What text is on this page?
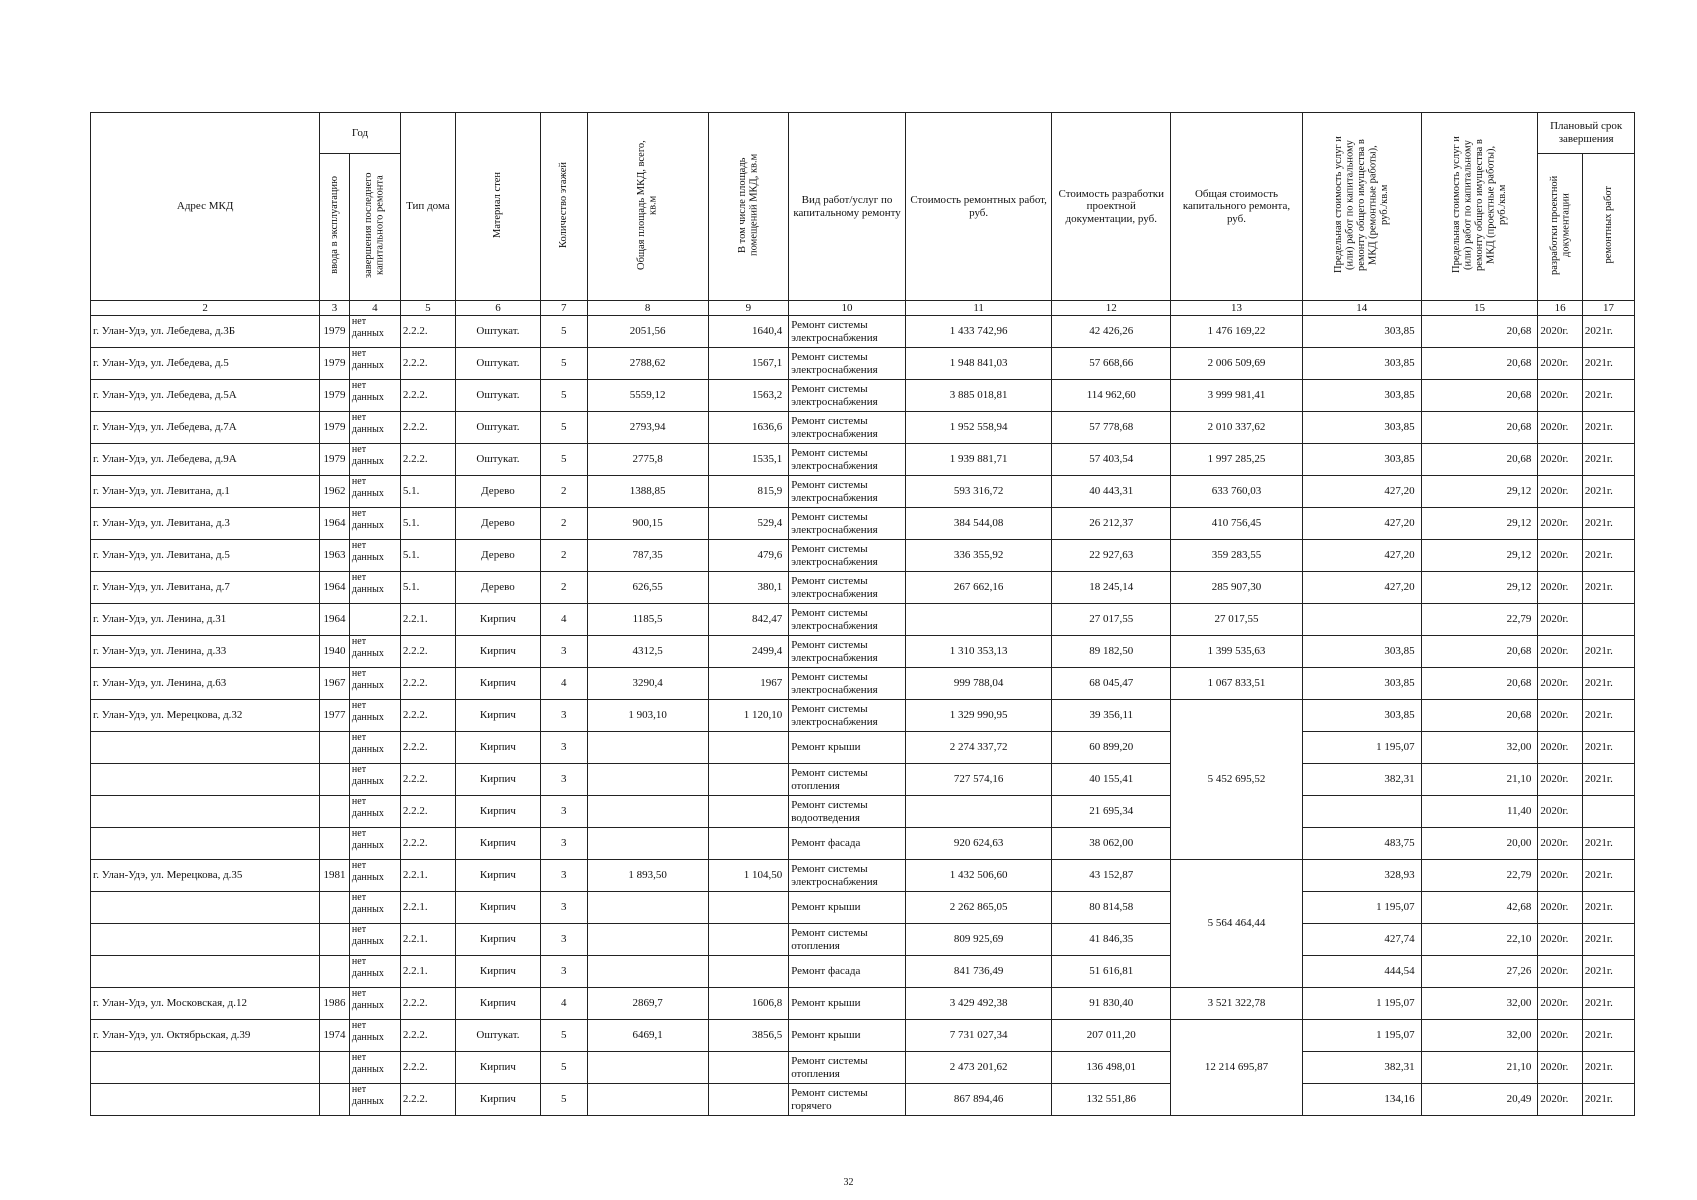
Адрес МКД	Год		Тип дома	Материал стен	Количество этажей	Общая площадь МКД, всего, кв.м	В том числе площадь помещений МКД, кв.м	Вид работ/услуг по капитальному ремонту	Стоимость ремонтных работ, руб.	Стоимость разработки проектной документации, руб.	Общая стоимость капитального ремонта, руб.	Предельная стоимость услуг и (или) работ по капитальному ремонту общего имущества в МКД (ремонтные работы), руб./кв.м	Предельная стоимость услуг и (или) работ по капитальному ремонту общего имущества в МКД (проектные работы), руб./кв.м	Плановый срок завершения	
	ввода в эксплуатацию	завершения последнего капитального ремонта												разработки проектной документации	ремонтных работ
2	3	4	5	6	7	8	9	10	11	12	13	14	15	16	17
г. Улан-Удэ, ул. Лебедева, д.3Б	1979	нет данных	2.2.2.	Оштукат.	5	2051,56	1640,4	Ремонт системы электроснабжения	1 433 742,96	42 426,26	1 476 169,22	303,85	20,68	2020г.	2021г.
г. Улан-Удэ, ул. Лебедева, д.5	1979	нет данных	2.2.2.	Оштукат.	5	2788,62	1567,1	Ремонт системы электроснабжения	1 948 841,03	57 668,66	2 006 509,69	303,85	20,68	2020г.	2021г.
г. Улан-Удэ, ул. Лебедева, д.5А	1979	нет данных	2.2.2.	Оштукат.	5	5559,12	1563,2	Ремонт системы электроснабжения	3 885 018,81	114 962,60	3 999 981,41	303,85	20,68	2020г.	2021г.
г. Улан-Удэ, ул. Лебедева, д.7А	1979	нет данных	2.2.2.	Оштукат.	5	2793,94	1636,6	Ремонт системы электроснабжения	1 952 558,94	57 778,68	2 010 337,62	303,85	20,68	2020г.	2021г.
г. Улан-Удэ, ул. Лебедева, д.9А	1979	нет данных	2.2.2.	Оштукат.	5	2775,8	1535,1	Ремонт системы электроснабжения	1 939 881,71	57 403,54	1 997 285,25	303,85	20,68	2020г.	2021г.
г. Улан-Удэ, ул. Левитана, д.1	1962	нет данных	5.1.	Дерево	2	1388,85	815,9	Ремонт системы электроснабжения	593 316,72	40 443,31	633 760,03	427,20	29,12	2020г.	2021г.
г. Улан-Удэ, ул. Левитана, д.3	1964	нет данных	5.1.	Дерево	2	900,15	529,4	Ремонт системы электроснабжения	384 544,08	26 212,37	410 756,45	427,20	29,12	2020г.	2021г.
г. Улан-Удэ, ул. Левитана, д.5	1963	нет данных	5.1.	Дерево	2	787,35	479,6	Ремонт системы электроснабжения	336 355,92	22 927,63	359 283,55	427,20	29,12	2020г.	2021г.
г. Улан-Удэ, ул. Левитана, д.7	1964	нет данных	5.1.	Дерево	2	626,55	380,1	Ремонт системы электроснабжения	267 662,16	18 245,14	285 907,30	427,20	29,12	2020г.	2021г.
г. Улан-Удэ, ул. Ленина, д.31	1964		2.2.1.	Кирпич	4	1185,5	842,47	Ремонт системы электроснабжения		27 017,55	27 017,55		22,79	2020г.	
г. Улан-Удэ, ул. Ленина, д.33	1940	нет данных	2.2.2.	Кирпич	3	4312,5	2499,4	Ремонт системы электроснабжения	1 310 353,13	89 182,50	1 399 535,63	303,85	20,68	2020г.	2021г.
г. Улан-Удэ, ул. Ленина, д.63	1967	нет данных	2.2.2.	Кирпич	4	3290,4	1967	Ремонт системы электроснабжения	999 788,04	68 045,47	1 067 833,51	303,85	20,68	2020г.	2021г.
г. Улан-Удэ, ул. Мерецкова, д.32	1977	нет данных	2.2.2.	Кирпич	3	1 903,10	1 120,10	Ремонт системы электроснабжения	1 329 990,95	39 356,11	5 452 695,52	303,85	20,68	2020г.	2021г.
		нет данных	2.2.2.	Кирпич	3			Ремонт крыши	2 274 337,72	60 899,20		1 195,07	32,00	2020г.	2021г.
		нет данных	2.2.2.	Кирпич	3			Ремонт системы отопления	727 574,16	40 155,41		382,31	21,10	2020г.	2021г.
		нет данных	2.2.2.	Кирпич	3			Ремонт системы водоотведения		21 695,34			11,40	2020г.	
		нет данных	2.2.2.	Кирпич	3			Ремонт фасада	920 624,63	38 062,00		483,75	20,00	2020г.	2021г.
г. Улан-Удэ, ул. Мерецкова, д.35	1981	нет данных	2.2.1.	Кирпич	3	1 893,50	1 104,50	Ремонт системы электроснабжения	1 432 506,60	43 152,87	5 564 464,44	328,93	22,79	2020г.	2021г.
		нет данных	2.2.1.	Кирпич	3			Ремонт крыши	2 262 865,05	80 814,58		1 195,07	42,68	2020г.	2021г.
		нет данных	2.2.1.	Кирпич	3			Ремонт системы отопления	809 925,69	41 846,35		427,74	22,10	2020г.	2021г.
		нет данных	2.2.1.	Кирпич	3			Ремонт фасада	841 736,49	51 616,81		444,54	27,26	2020г.	2021г.
г. Улан-Удэ, ул. Московская, д.12	1986	нет данных	2.2.2.	Кирпич	4	2869,7	1606,8	Ремонт крыши	3 429 492,38	91 830,40	3 521 322,78	1 195,07	32,00	2020г.	2021г.
г. Улан-Удэ, ул. Октябрьская, д.39	1974	нет данных	2.2.2.	Оштукат.	5	6469,1	3856,5	Ремонт крыши	7 731 027,34	207 011,20	12 214 695,87	1 195,07	32,00	2020г.	2021г.
		нет данных	2.2.2.	Кирпич	5			Ремонт системы отопления	2 473 201,62	136 498,01		382,31	21,10	2020г.	2021г.
		нет данных	2.2.2.	Кирпич	5			Ремонт системы горячего	867 894,46	132 551,86		134,16	20,49	2020г.	2021г.
32
